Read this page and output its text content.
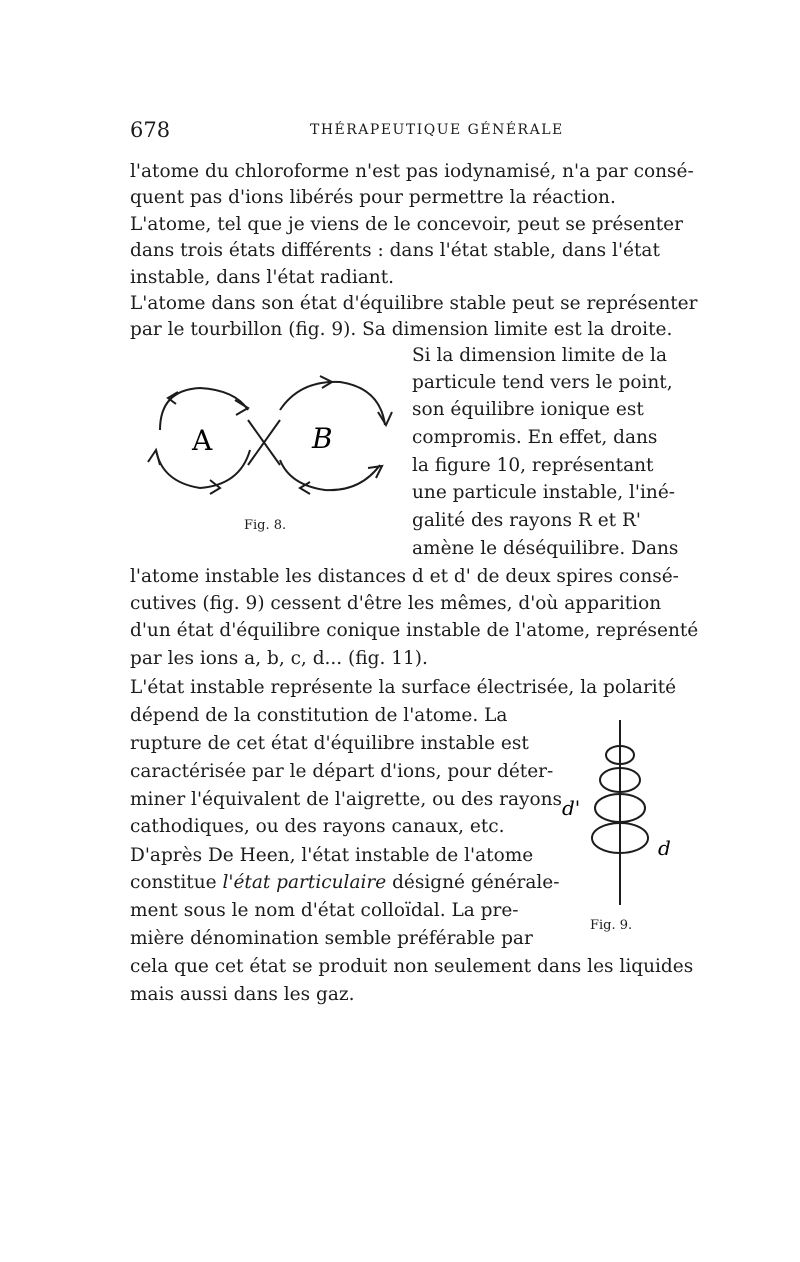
678	THÉRAPEUTIQUE GÉNÉRALE
l'atome du chloroforme n'est pas iodynamisé, n'a par consé-
quent pas d'ions libérés pour permettre la réaction.
L'atome, tel que je viens de le concevoir, peut se présenter
dans trois états différents : dans l'état stable, dans l'état
instable, dans l'état radiant.
L'atome dans son état d'équilibre stable peut se représenter
par le tourbillon (fig. 9). Sa dimension limite est la droite.
Si la dimension limite de la
particule tend vers le point,
son équilibre ionique est
compromis. En effet, dans
la figure 10, représentant
une particule instable, l'iné-
galité des rayons R et R'
amène le déséquilibre. Dans
l'atome instable les distances d et d' de deux spires consé-
cutives (fig. 9) cessent d'être les mêmes, d'où apparition
d'un état d'équilibre conique instable de l'atome, représenté
par les ions a, b, c, d... (fig. 11).
L'état instable représente la surface électrisée, la polarité
dépend de la constitution de l'atome. La
rupture de cet état d'équilibre instable est
caractérisée par le départ d'ions, pour déter-
miner l'équivalent de l'aigrette, ou des rayons
cathodiques, ou des rayons canaux, etc.
D'après De Heen, l'état instable de l'atome
constitue l'état particulaire désigné générale-
ment sous le nom d'état colloïdal. La pre-
mière dénomination semble préférable par
cela que cet état se produit non seulement dans les liquides
mais aussi dans les gaz.
A	B
Fig. 8.
d'
d
Fig. 9.
